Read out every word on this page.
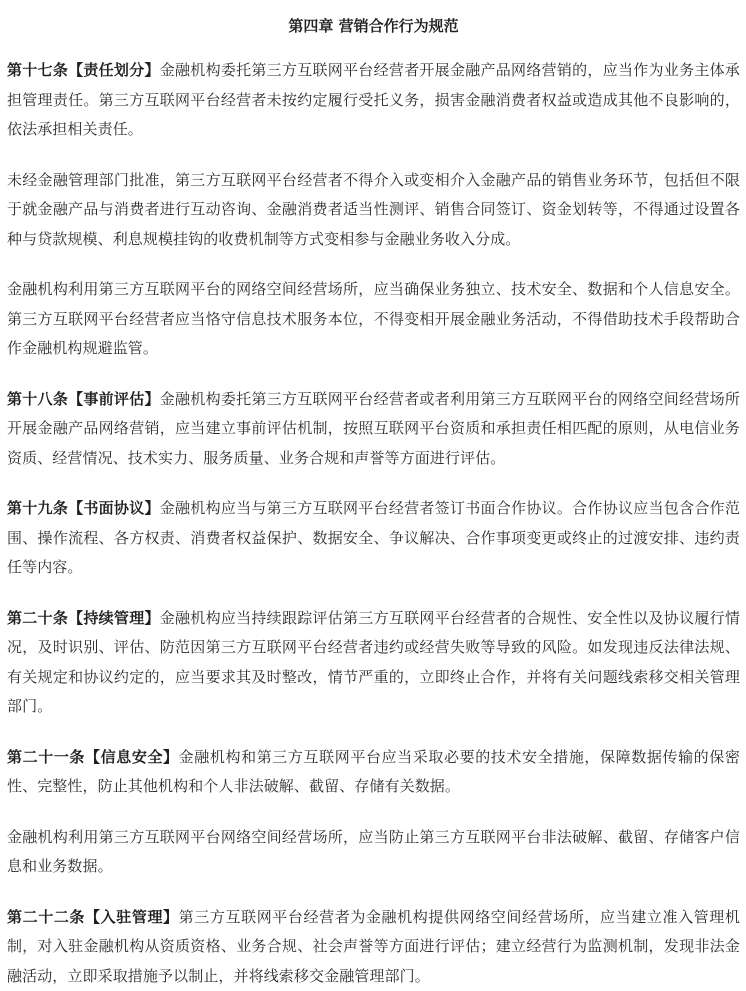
第四章 营销合作行为规范

第十七条【责任划分】金融机构委托第三方互联网平台经营者开展金融产品网络营销的，应当作为业务主体承担管理责任。第三方互联网平台经营者未按约定履行受托义务，损害金融消费者权益或造成其他不良影响的，依法承担相关责任。

未经金融管理部门批准，第三方互联网平台经营者不得介入或变相介入金融产品的销售业务环节，包括但不限于就金融产品与消费者进行互动咨询、金融消费者适当性测评、销售合同签订、资金划转等，不得通过设置各种与贷款规模、利息规模挂钩的收费机制等方式变相参与金融业务收入分成。

金融机构利用第三方互联网平台的网络空间经营场所，应当确保业务独立、技术安全、数据和个人信息安全。第三方互联网平台经营者应当恪守信息技术服务本位，不得变相开展金融业务活动，不得借助技术手段帮助合作金融机构规避监管。

第十八条【事前评估】金融机构委托第三方互联网平台经营者或者利用第三方互联网平台的网络空间经营场所开展金融产品网络营销，应当建立事前评估机制，按照互联网平台资质和承担责任相匹配的原则，从电信业务资质、经营情况、技术实力、服务质量、业务合规和声誉等方面进行评估。

第十九条【书面协议】金融机构应当与第三方互联网平台经营者签订书面合作协议。合作协议应当包含合作范围、操作流程、各方权责、消费者权益保护、数据安全、争议解决、合作事项变更或终止的过渡安排、违约责任等内容。

第二十条【持续管理】金融机构应当持续跟踪评估第三方互联网平台经营者的合规性、安全性以及协议履行情况，及时识别、评估、防范因第三方互联网平台经营者违约或经营失败等导致的风险。如发现违反法律法规、有关规定和协议约定的，应当要求其及时整改，情节严重的，立即终止合作，并将有关问题线索移交相关管理部门。

第二十一条【信息安全】金融机构和第三方互联网平台应当采取必要的技术安全措施，保障数据传输的保密性、完整性，防止其他机构和个人非法破解、截留、存储有关数据。

金融机构利用第三方互联网平台网络空间经营场所，应当防止第三方互联网平台非法破解、截留、存储客户信息和业务数据。

第二十二条【入驻管理】第三方互联网平台经营者为金融机构提供网络空间经营场所，应当建立准入管理机制，对入驻金融机构从资质资格、业务合规、社会声誉等方面进行评估；建立经营行为监测机制，发现非法金融活动，立即采取措施予以制止，并将线索移交金融管理部门。
